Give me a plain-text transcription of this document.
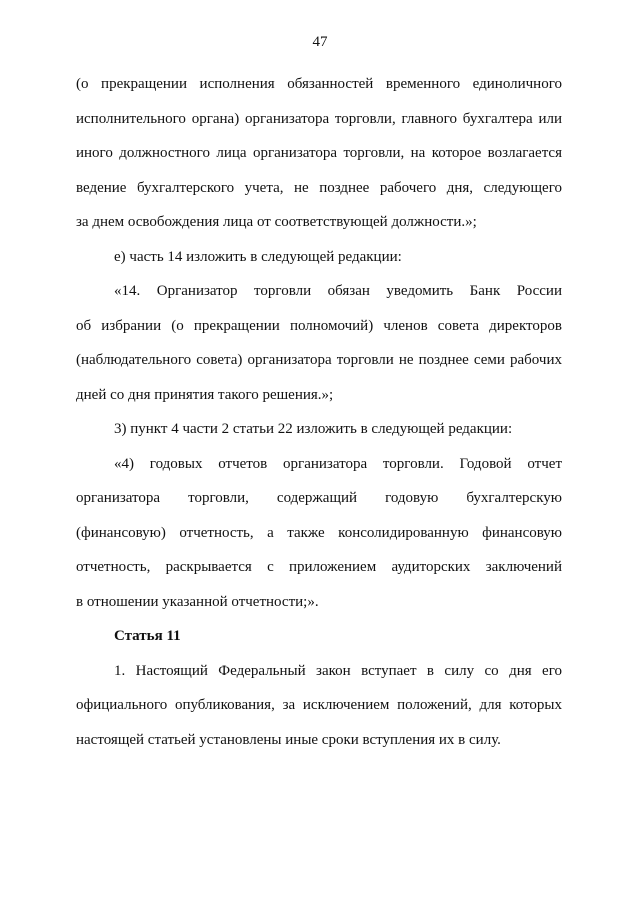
47
(о прекращении исполнения обязанностей временного единоличного
исполнительного органа) организатора торговли, главного бухгалтера или
иного должностного лица организатора торговли, на которое возлагается
ведение бухгалтерского учета, не позднее рабочего дня, следующего
за днем освобождения лица от соответствующей должности.»;
е) часть 14 изложить в следующей редакции:
«14. Организатор торговли обязан уведомить Банк России
об избрании (о прекращении полномочий) членов совета директоров
(наблюдательного совета) организатора торговли не позднее семи рабочих
дней со дня принятия такого решения.»;
3) пункт 4 части 2 статьи 22 изложить в следующей редакции:
«4) годовых отчетов организатора торговли. Годовой отчет
организатора торговли, содержащий годовую бухгалтерскую
(финансовую) отчетность, а также консолидированную финансовую
отчетность, раскрывается с приложением аудиторских заключений
в отношении указанной отчетности;».
Статья 11
1. Настоящий Федеральный закон вступает в силу со дня его
официального опубликования, за исключением положений, для которых
настоящей статьей установлены иные сроки вступления их в силу.
